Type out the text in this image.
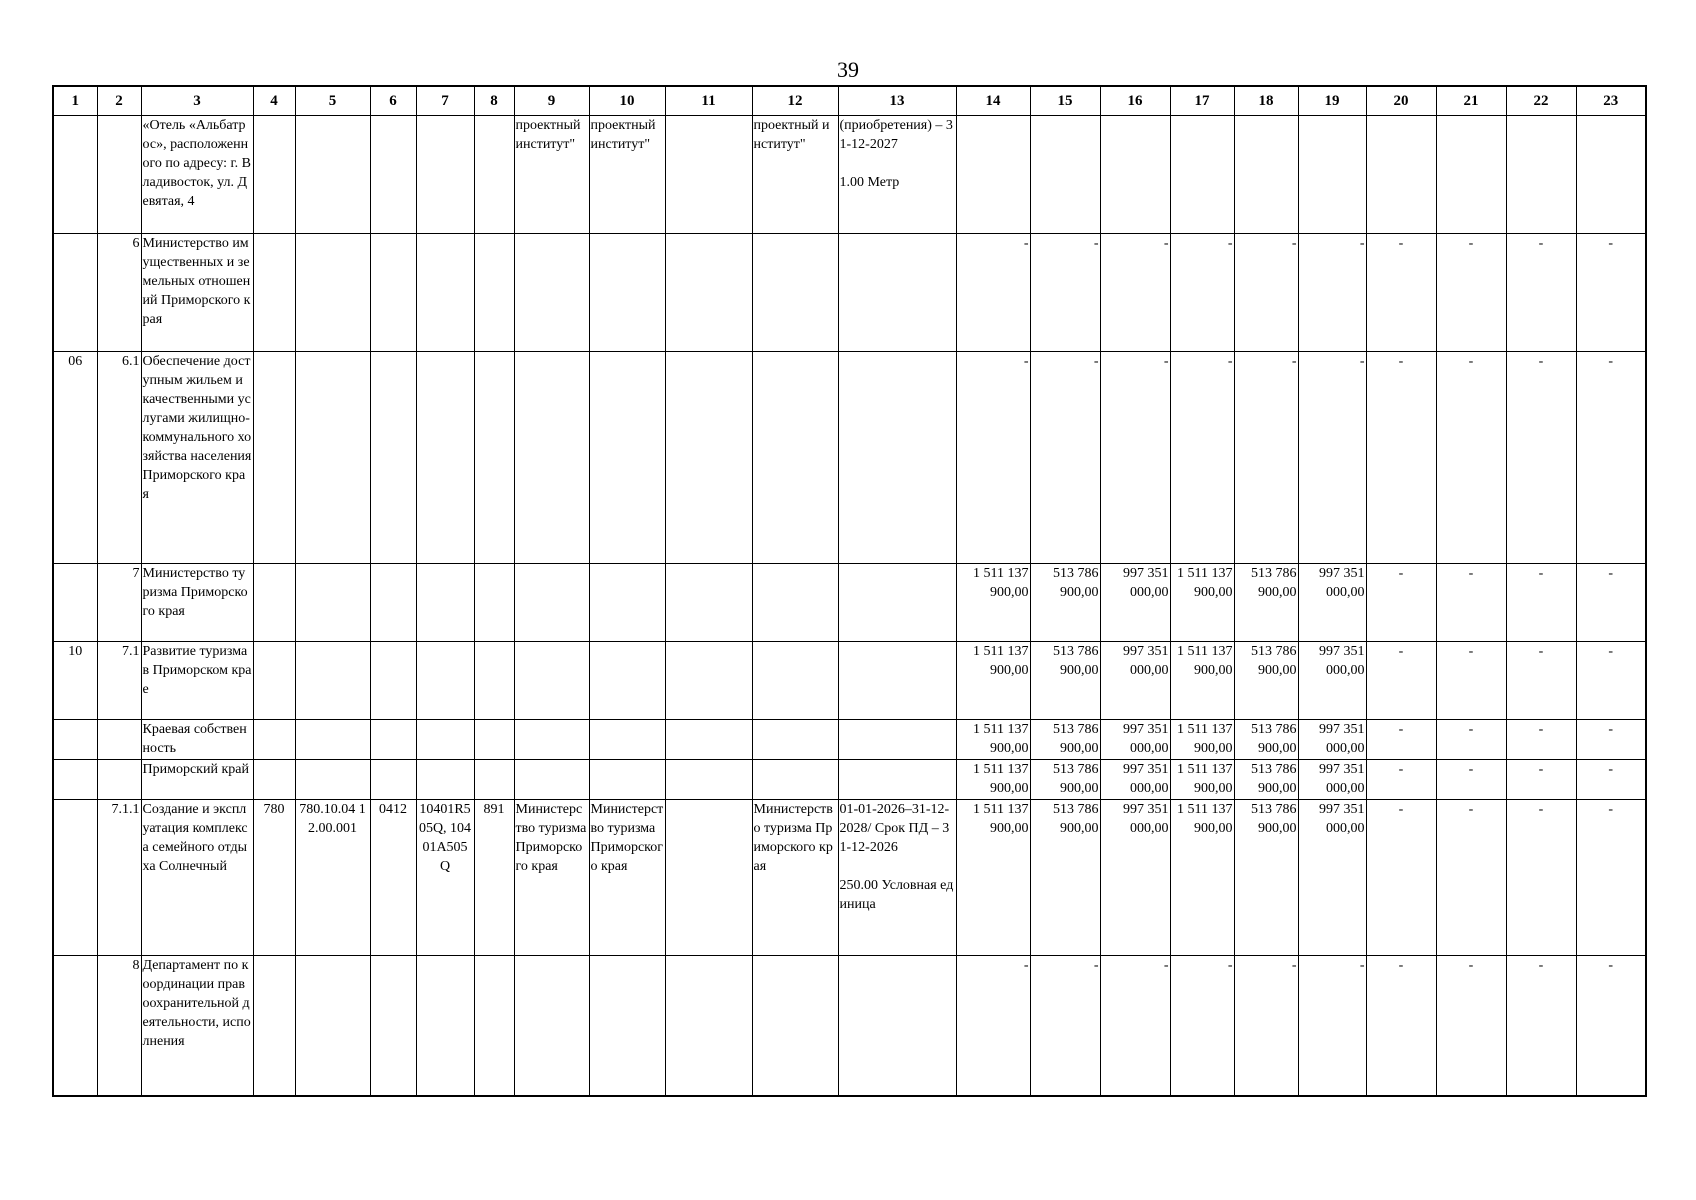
39
1	2	3	4	5	6	7	8	9	10	11	12	13	14	15	16	17	18	19	20	21	22	23
		«Отель «Альбатрос», расположенного по адресу: г. Владивосток, ул. Девятая, 4						проектный институт"	проектный институт"		проектный институт"	(приобретения) – 31-12-2027

1.00 Метр										
	6	Министерство имущественных и земельных отношений Приморского края											-	-	-	-	-	-	-	-	-	-
06	6.1	Обеспечение доступным жильем и качественными услугами жилищно-коммунального хозяйства населения Приморского края											-	-	-	-	-	-	-	-	-	-
	7	Министерство туризма Приморского края											1 511 137 900,00	513 786 900,00	997 351 000,00	1 511 137 900,00	513 786 900,00	997 351 000,00	-	-	-	-
10	7.1	Развитие туризма в Приморском крае											1 511 137 900,00	513 786 900,00	997 351 000,00	1 511 137 900,00	513 786 900,00	997 351 000,00	-	-	-	-
		Краевая собственность											1 511 137 900,00	513 786 900,00	997 351 000,00	1 511 137 900,00	513 786 900,00	997 351 000,00	-	-	-	-
		Приморский край											1 511 137 900,00	513 786 900,00	997 351 000,00	1 511 137 900,00	513 786 900,00	997 351 000,00	-	-	-	-
	7.1.1	Создание и эксплуатация комплекса семейного отдыха Солнечный	780	780.10.04 12.00.001	0412	10401R505Q, 10401A505Q	891	Министерство туризма Приморского края	Министерство туризма Приморского края		Министерство туризма Приморского края	01-01-2026–31-12-2028/ Срок ПД – 31-12-2026

250.00 Условная единица	1 511 137 900,00	513 786 900,00	997 351 000,00	1 511 137 900,00	513 786 900,00	997 351 000,00	-	-	-	-
	8	Департамент по координации правоохранительной деятельности, исполнения											-	-	-	-	-	-	-	-	-	-
